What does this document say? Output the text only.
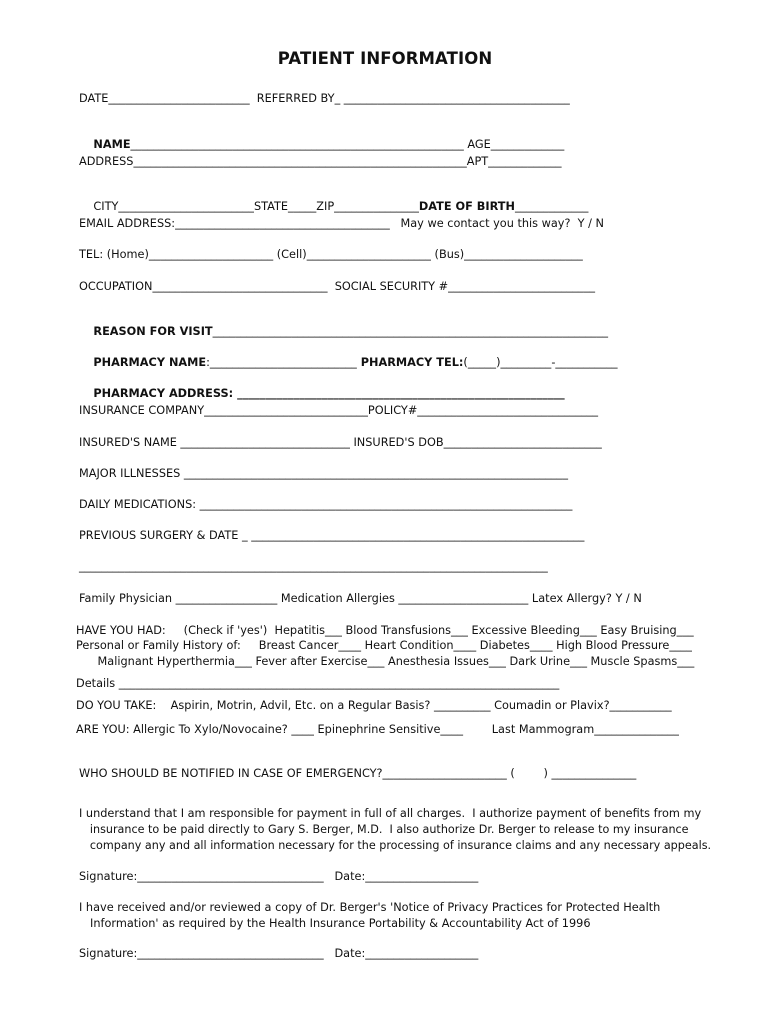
PATIENT INFORMATION
DATE_________________________  REFERRED BY_ ________________________________________

NAME___________________________________________________________ AGE_____________

ADDRESS___________________________________________________________APT_____________

CITY________________________STATE_____ZIP_______________DATE OF BIRTH_____________

EMAIL ADDRESS:______________________________________   May we contact you this way?  Y / N
TEL: (Home)______________________ (Cell)______________________ (Bus)_____________________
OCCUPATION_______________________________  SOCIAL SECURITY #__________________________

REASON FOR VISIT______________________________________________________________________

PHARMACY NAME:__________________________ PHARMACY TEL:(_____)_________-___________

PHARMACY ADDRESS: __________________________________________________________

INSURANCE COMPANY_____________________________POLICY#________________________________
INSURED'S NAME ______________________________ INSURED'S DOB____________________________
MAJOR ILLNESSES ____________________________________________________________________
DAILY MEDICATIONS: __________________________________________________________________
PREVIOUS SURGERY & DATE _ ___________________________________________________________
___________________________________________________________________________________
Family Physician __________________ Medication Allergies _______________________ Latex Allergy? Y / N
HAVE YOU HAD:     (Check if 'yes')  Hepatitis___ Blood Transfusions___ Excessive Bleeding___ Easy Bruising___
Personal or Family History of:     Breast Cancer____ Heart Condition____ Diabetes____ High Blood Pressure____
Malignant Hyperthermia___ Fever after Exercise___ Anesthesia Issues___ Dark Urine___ Muscle Spasms___
Details ______________________________________________________________________________
DO YOU TAKE:    Aspirin, Motrin, Advil, Etc. on a Regular Basis? __________ Coumadin or Plavix?___________
ARE YOU: Allergic To Xylo/Novocaine? ____ Epinephrine Sensitive____        Last Mammogram_______________
WHO SHOULD BE NOTIFIED IN CASE OF EMERGENCY?______________________ (        ) _______________
I understand that I am responsible for payment in full of all charges.  I authorize payment of benefits from my
insurance to be paid directly to Gary S. Berger, M.D.  I also authorize Dr. Berger to release to my insurance
company any and all information necessary for the processing of insurance claims and any necessary appeals.
Signature:_________________________________   Date:____________________
I have received and/or reviewed a copy of Dr. Berger's 'Notice of Privacy Practices for Protected Health
Information' as required by the Health Insurance Portability & Accountability Act of 1996
Signature:_________________________________   Date:____________________
